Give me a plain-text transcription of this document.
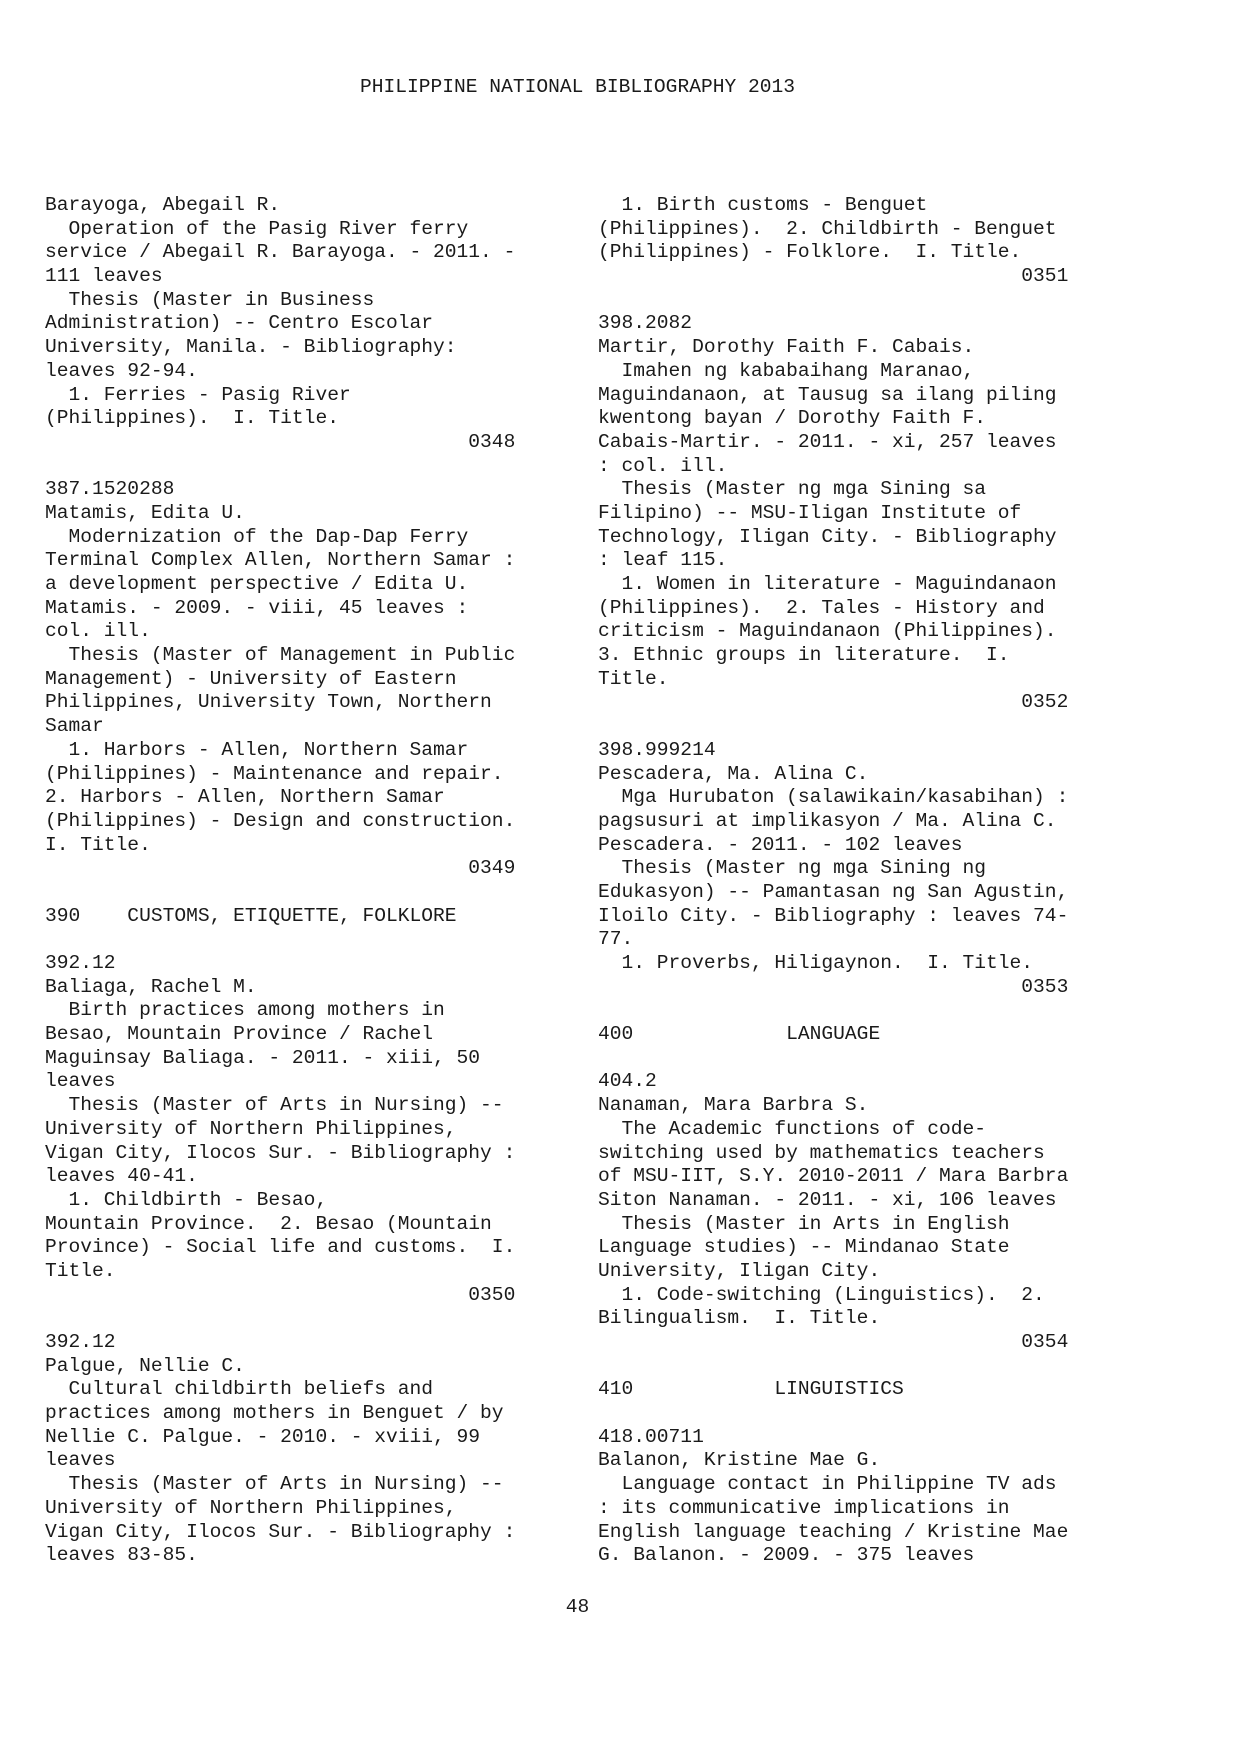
PHILIPPINE NATIONAL BIBLIOGRAPHY 2013
Barayoga, Abegail R.
Operation of the Pasig River ferry
service / Abegail R. Barayoga. - 2011. -
111 leaves
Thesis (Master in Business
Administration) -- Centro Escolar
University, Manila. - Bibliography:
leaves 92-94.
1. Ferries - Pasig River
(Philippines).  I. Title.
0348
387.1520288
Matamis, Edita U.
Modernization of the Dap-Dap Ferry
Terminal Complex Allen, Northern Samar :
a development perspective / Edita U.
Matamis. - 2009. - viii, 45 leaves :
col. ill.
Thesis (Master of Management in Public
Management) - University of Eastern
Philippines, University Town, Northern
Samar
1. Harbors - Allen, Northern Samar
(Philippines) - Maintenance and repair.
2. Harbors - Allen, Northern Samar
(Philippines) - Design and construction.
I. Title.
0349
390    CUSTOMS, ETIQUETTE, FOLKLORE
392.12
Baliaga, Rachel M.
Birth practices among mothers in
Besao, Mountain Province / Rachel
Maguinsay Baliaga. - 2011. - xiii, 50
leaves
Thesis (Master of Arts in Nursing) --
University of Northern Philippines,
Vigan City, Ilocos Sur. - Bibliography :
leaves 40-41.
1. Childbirth - Besao,
Mountain Province.  2. Besao (Mountain
Province) - Social life and customs.  I.
Title.
0350
392.12
Palgue, Nellie C.
Cultural childbirth beliefs and
practices among mothers in Benguet / by
Nellie C. Palgue. - 2010. - xviii, 99
leaves
Thesis (Master of Arts in Nursing) --
University of Northern Philippines,
Vigan City, Ilocos Sur. - Bibliography :
leaves 83-85.
1. Birth customs - Benguet
(Philippines).  2. Childbirth - Benguet
(Philippines) - Folklore.  I. Title.
0351
398.2082
Martir, Dorothy Faith F. Cabais.
Imahen ng kababaihang Maranao,
Maguindanaon, at Tausug sa ilang piling
kwentong bayan / Dorothy Faith F.
Cabais-Martir. - 2011. - xi, 257 leaves
: col. ill.
Thesis (Master ng mga Sining sa
Filipino) -- MSU-Iligan Institute of
Technology, Iligan City. - Bibliography
: leaf 115.
1. Women in literature - Maguindanaon
(Philippines).  2. Tales - History and
criticism - Maguindanaon (Philippines).
3. Ethnic groups in literature.  I.
Title.
0352
398.999214
Pescadera, Ma. Alina C.
Mga Hurubaton (salawikain/kasabihan) :
pagsusuri at implikasyon / Ma. Alina C.
Pescadera. - 2011. - 102 leaves
Thesis (Master ng mga Sining ng
Edukasyon) -- Pamantasan ng San Agustin,
Iloilo City. - Bibliography : leaves 74-
77.
1. Proverbs, Hiligaynon.  I. Title.
0353
400             LANGUAGE
404.2
Nanaman, Mara Barbra S.
The Academic functions of code-
switching used by mathematics teachers
of MSU-IIT, S.Y. 2010-2011 / Mara Barbra
Siton Nanaman. - 2011. - xi, 106 leaves
Thesis (Master in Arts in English
Language studies) -- Mindanao State
University, Iligan City.
1. Code-switching (Linguistics).  2.
Bilingualism.  I. Title.
0354
410            LINGUISTICS
418.00711
Balanon, Kristine Mae G.
Language contact in Philippine TV ads
: its communicative implications in
English language teaching / Kristine Mae
G. Balanon. - 2009. - 375 leaves
48
